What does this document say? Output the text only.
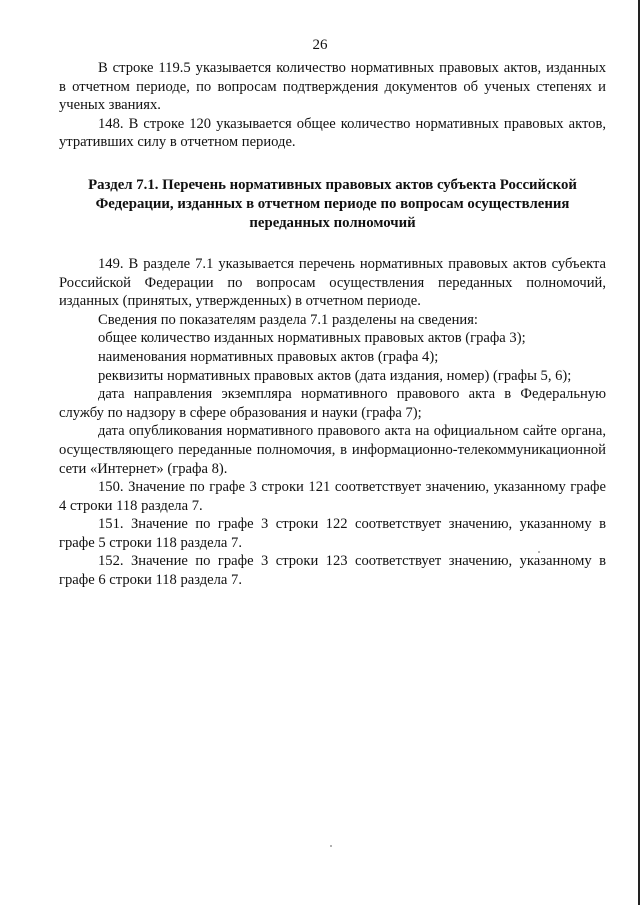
26

В строке 119.5 указывается количество нормативных правовых актов, изданных в отчетном периоде, по вопросам подтверждения документов об ученых степенях и ученых званиях.

148. В строке 120 указывается общее количество нормативных правовых актов, утративших силу в отчетном периоде.

Раздел 7.1. Перечень нормативных правовых актов субъекта Российской
Федерации, изданных в отчетном периоде по вопросам осуществления
переданных полномочий

149. В разделе 7.1 указывается перечень нормативных правовых актов субъекта Российской Федерации по вопросам осуществления переданных полномочий, изданных (принятых, утвержденных) в отчетном периоде.

Сведения по показателям раздела 7.1 разделены на сведения:

общее количество изданных нормативных правовых актов (графа 3);

наименования нормативных правовых актов (графа 4);

реквизиты нормативных правовых актов (дата издания, номер) (графы 5, 6);

дата направления экземпляра нормативного правового акта в Федеральную службу по надзору в сфере образования и науки (графа 7);

дата опубликования нормативного правового акта на официальном сайте органа, осуществляющего переданные полномочия, в информационно-телекоммуникационной сети «Интернет» (графа 8).

150. Значение по графе 3 строки 121 соответствует значению, указанному графе 4 строки 118 раздела 7.

151. Значение по графе 3 строки 122 соответствует значению, указанному в графе 5 строки 118 раздела 7.

152. Значение по графе 3 строки 123 соответствует значению, указанному в графе 6 строки 118 раздела 7.
